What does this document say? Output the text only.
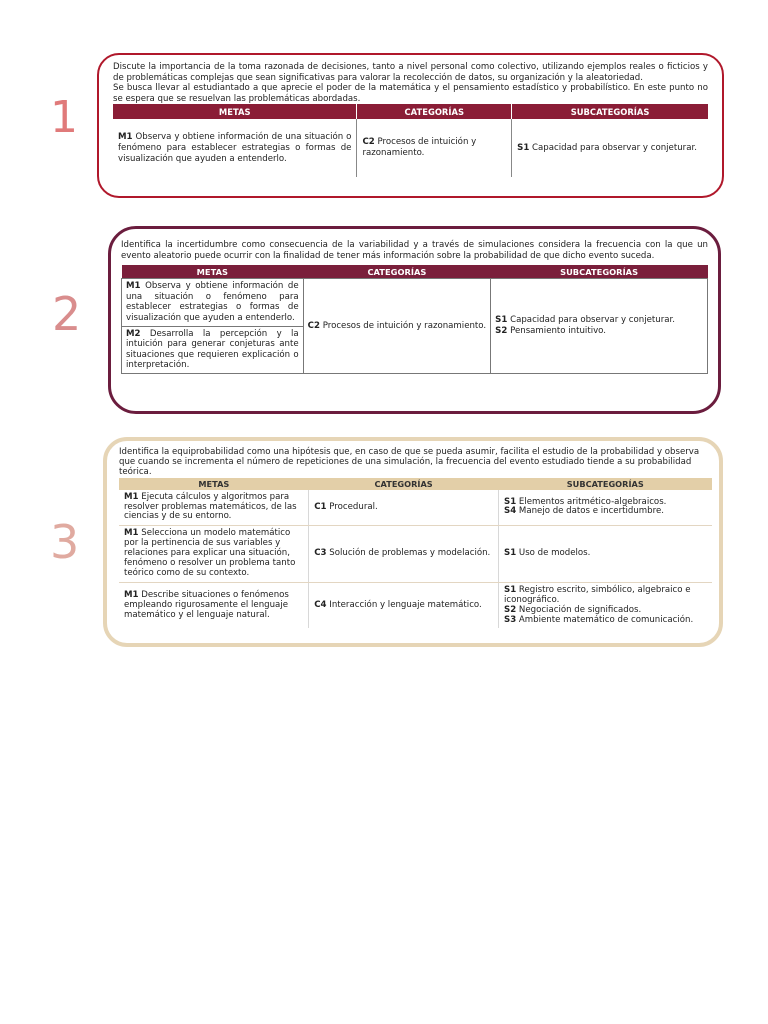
1

Discute la importancia de la toma razonada de decisiones, tanto a nivel personal como colectivo, utilizando ejemplos reales o ficticios y de problemáticas complejas que sean significativas para valorar la recolección de datos, su organización y la aleatoriedad.

Se busca llevar al estudiantado a que aprecie el poder de la matemática y el pensamiento estadístico y probabilístico. En este punto no se espera que se resuelvan las problemáticas abordadas.

METAS	CATEGORÍAS	SUBCATEGORÍAS
M1 Observa y obtiene información de una situación o fenómeno para establecer estrategias o formas de visualización que ayuden a entenderlo.	C2 Procesos de intuición y razonamiento.	S1 Capacidad para observar y conjeturar.
2

Identifica la incertidumbre como consecuencia de la variabilidad y a través de simulaciones considera la frecuencia con la que un evento aleatorio puede ocurrir con la finalidad de tener más información sobre la probabilidad de que dicho evento suceda.

METAS	CATEGORÍAS	SUBCATEGORÍAS
M1 Observa y obtiene información de una situación o fenómeno para establecer estrategias o formas de visualización que ayuden a entenderlo.	C2 Procesos de intuición y razonamiento.	S1 Capacidad para observar y conjeturar.
S2 Pensamiento intuitivo.

M2 Desarrolla la percepción y la intuición para generar conjeturas ante situaciones que requieren explicación o interpretación.		
3

Identifica la equiprobabilidad como una hipótesis que, en caso de que se pueda asumir, facilita el estudio de la probabilidad y observa que cuando se incrementa el número de repeticiones de una simulación, la frecuencia del evento estudiado tiende a su probabilidad teórica.

METAS	CATEGORÍAS	SUBCATEGORÍAS
M1 Ejecuta cálculos y algoritmos para resolver problemas matemáticos, de las ciencias y de su entorno.	C1 Procedural.	S1 Elementos aritmético-algebraicos.
S4 Manejo de datos e incertidumbre.

M1 Selecciona un modelo matemático por la pertinencia de sus variables y relaciones para explicar una situación, fenómeno o resolver un problema tanto teórico como de su contexto.	C3 Solución de problemas y modelación.	S1 Uso de modelos.
M1 Describe situaciones o fenómenos empleando rigurosamente el lenguaje matemático y el lenguaje natural.	C4 Interacción y lenguaje matemático.	S1 Registro escrito, simbólico, algebraico e iconográfico.
S2 Negociación de significados.
S3 Ambiente matemático de comunicación.
